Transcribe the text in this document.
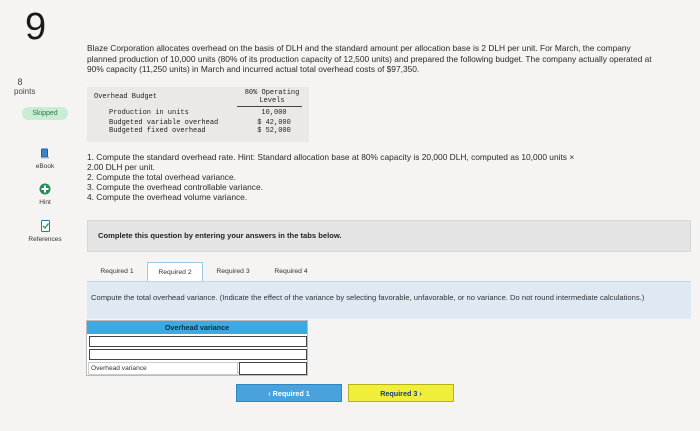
9
8
points
Skipped
eBook
Hint
References
Blaze Corporation allocates overhead on the basis of DLH and the standard amount per allocation base is 2 DLH per unit. For March, the company planned production of 10,000 units (80% of its production capacity of 12,500 units) and prepared the following budget. The company actually operated at 90% capacity (11,250 units) in March and incurred actual total overhead costs of $97,350.
Overhead Budget	80% Operating
Levels
Production in units	10,000
Budgeted variable overhead	$ 42,000
Budgeted fixed overhead	$ 52,000
1. Compute the standard overhead rate. Hint: Standard allocation base at 80% capacity is 20,000 DLH, computed as 10,000 units ×
2.00 DLH per unit.
2. Compute the total overhead variance.
3. Compute the overhead controllable variance.
4. Compute the overhead volume variance.
Complete this question by entering your answers in the tabs below.
Required 1	Required 2	Required 3	Required 4

Compute the total overhead variance. (Indicate the effect of the variance by selecting favorable, unfavorable, or no variance. Do not round intermediate calculations.)

Overhead variance
Overhead variance
‹ Required 1	Required 3 ›
